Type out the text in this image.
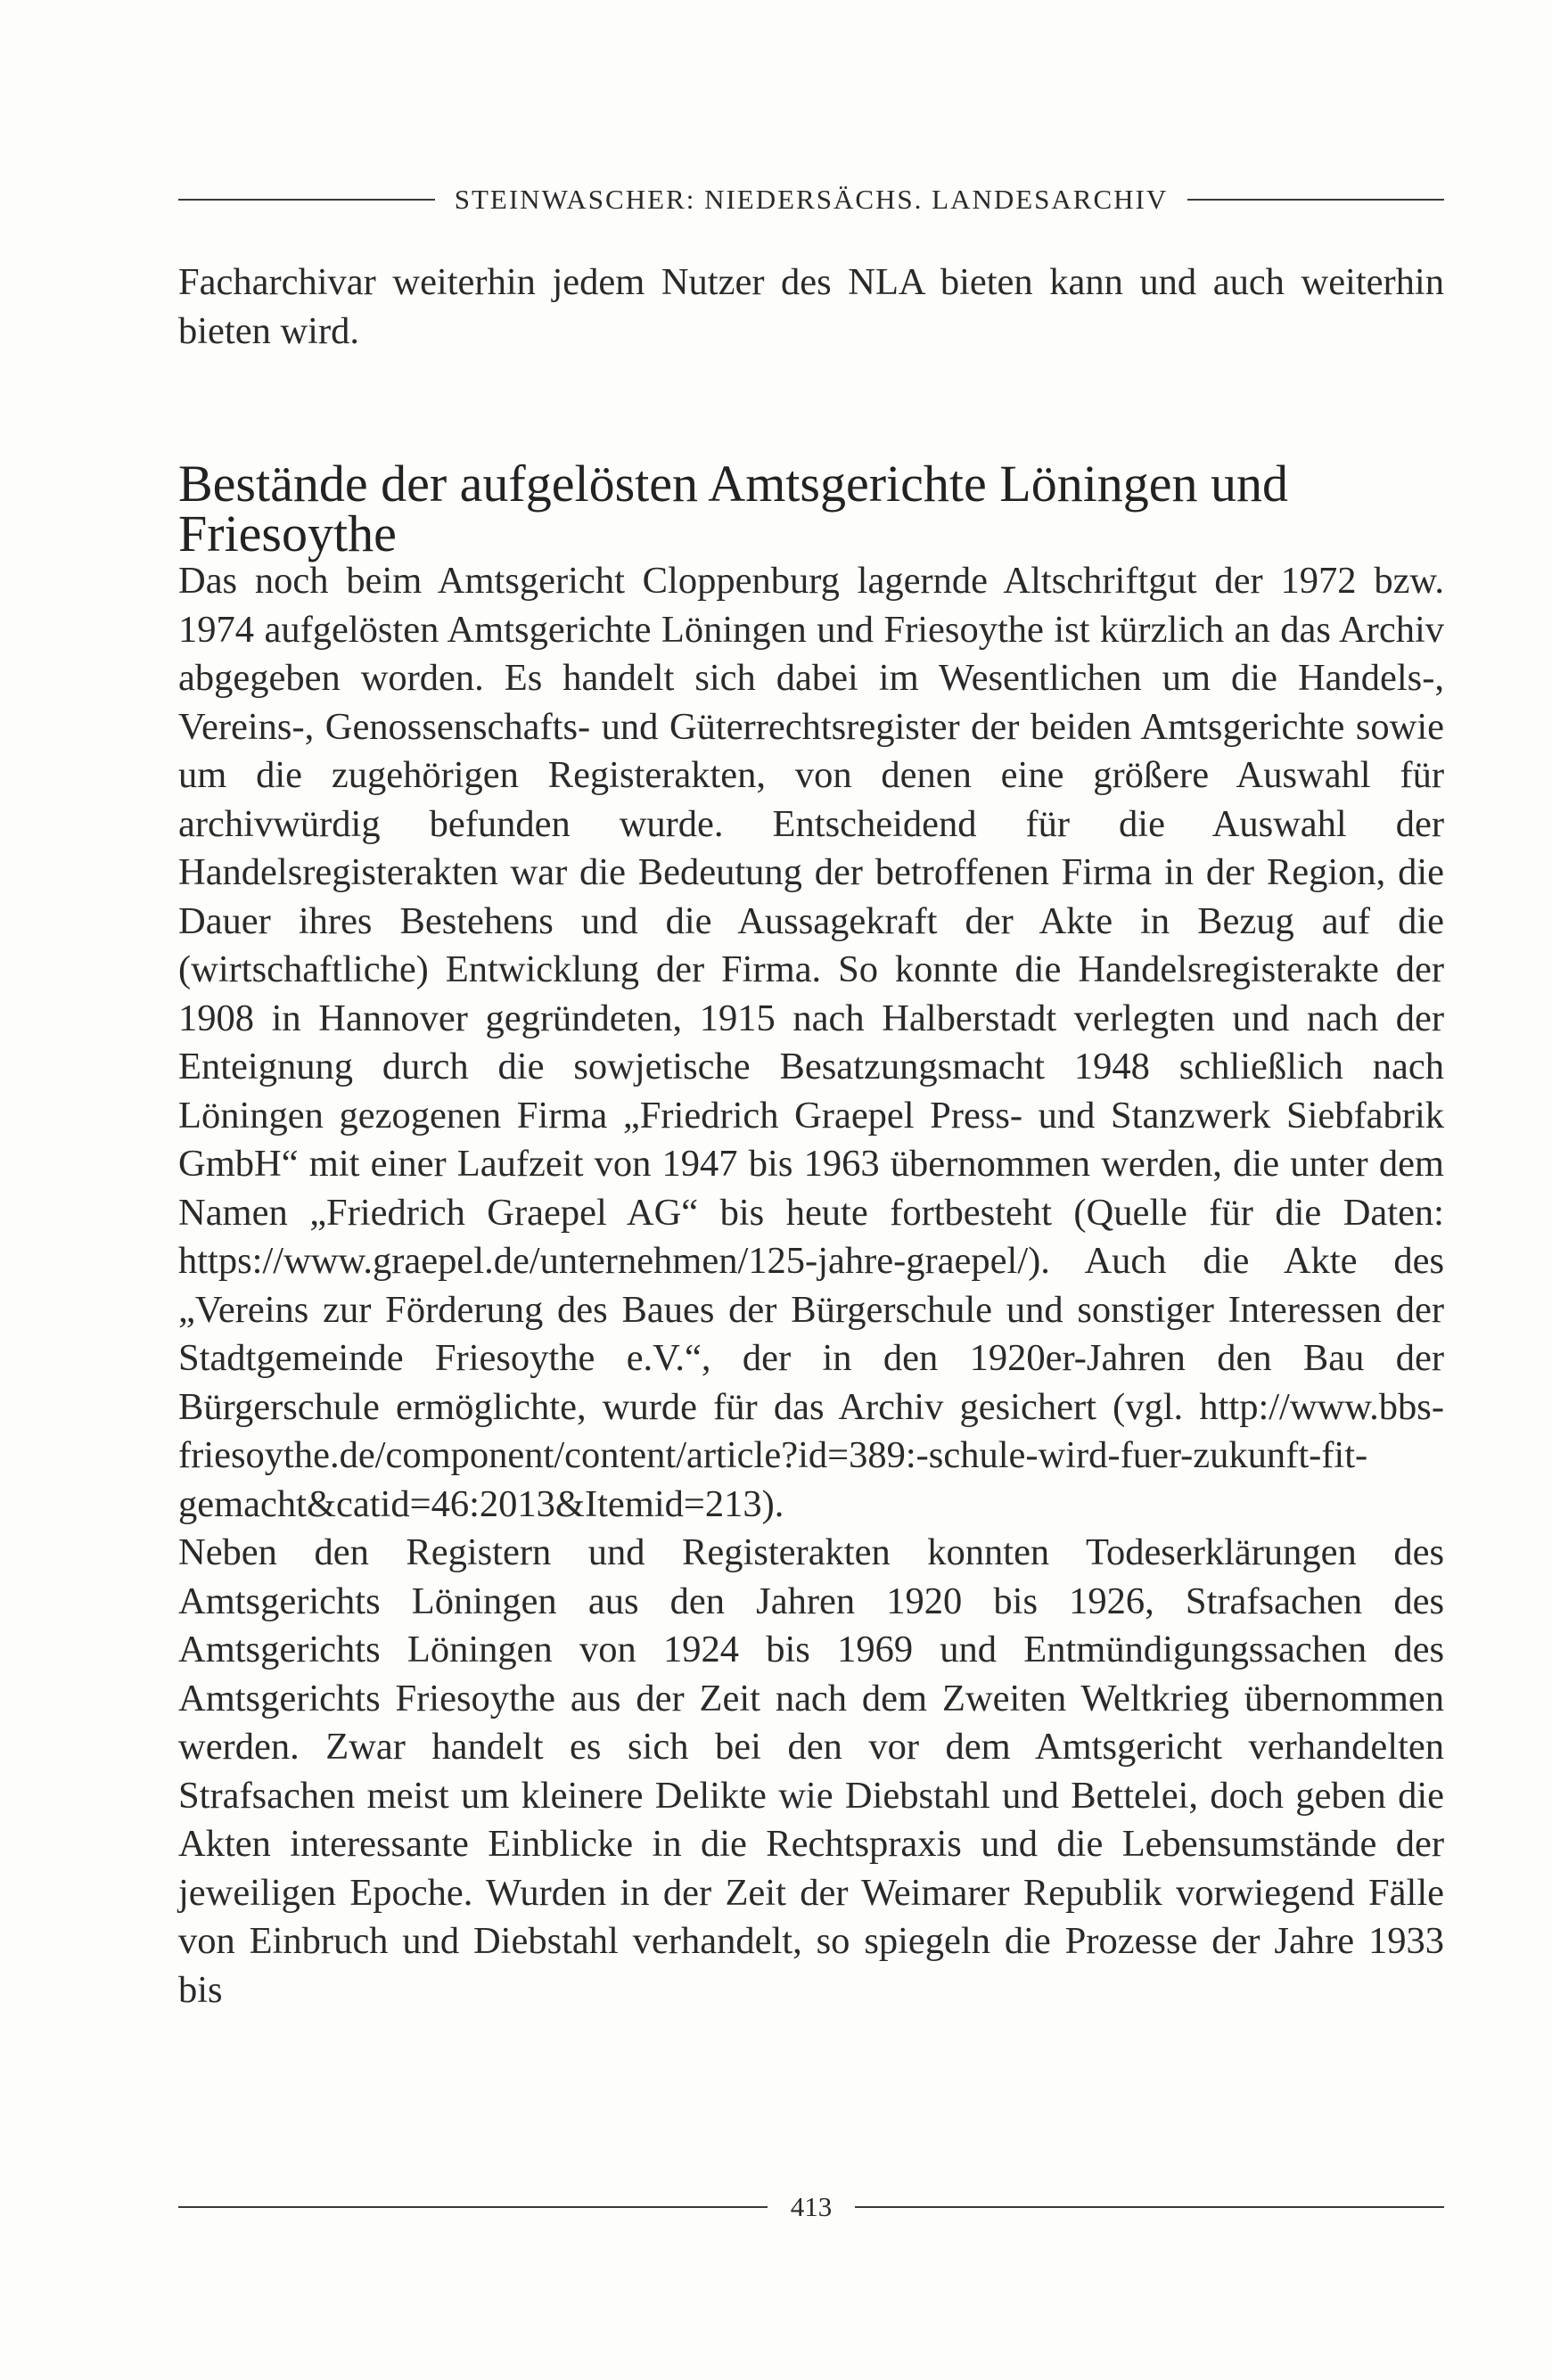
STEINWASCHER: NIEDERSÄCHS. LANDESARCHIV

Facharchivar weiterhin jedem Nutzer des NLA bieten kann und auch weiterhin bieten wird.

Bestände der aufgelösten Amtsgerichte Löningen und Friesoythe

Das noch beim Amtsgericht Cloppenburg lagernde Altschriftgut der 1972 bzw. 1974 aufgelösten Amtsgerichte Löningen und Friesoythe ist kürzlich an das Archiv abgegeben worden. Es handelt sich dabei im Wesentlichen um die Handels-, Vereins-, Genossenschafts- und Güterrechtsregister der beiden Amtsgerichte sowie um die zugehörigen Registerakten, von denen eine größere Auswahl für archivwürdig befunden wurde. Entscheidend für die Auswahl der Handelsregisterakten war die Bedeutung der betroffenen Firma in der Region, die Dauer ihres Bestehens und die Aussagekraft der Akte in Bezug auf die (wirtschaftliche) Entwicklung der Firma. So konnte die Handelsregisterakte der 1908 in Hannover gegründeten, 1915 nach Halberstadt verlegten und nach der Enteignung durch die sowjetische Besatzungsmacht 1948 schließlich nach Löningen gezogenen Firma „Friedrich Graepel Press- und Stanzwerk Siebfabrik GmbH“ mit einer Laufzeit von 1947 bis 1963 übernommen werden, die unter dem Namen „Friedrich Graepel AG“ bis heute fortbesteht (Quelle für die Daten: https://www.graepel.de/unternehmen/125-jahre-graepel/). Auch die Akte des „Vereins zur Förderung des Baues der Bürgerschule und sonstiger Interessen der Stadtgemeinde Friesoythe e.V.“, der in den 1920er-Jahren den Bau der Bürgerschule ermöglichte, wurde für das Archiv gesichert (vgl. http://www.bbs-friesoythe.de/component/content/article?id=389:-schule-wird-fuer-zukunft-fit-gemacht&catid=46:2013&Itemid=213).

Neben den Registern und Registerakten konnten Todeserklärungen des Amtsgerichts Löningen aus den Jahren 1920 bis 1926, Strafsachen des Amtsgerichts Löningen von 1924 bis 1969 und Entmündigungssachen des Amtsgerichts Friesoythe aus der Zeit nach dem Zweiten Weltkrieg übernommen werden. Zwar handelt es sich bei den vor dem Amtsgericht verhandelten Strafsachen meist um kleinere Delikte wie Diebstahl und Bettelei, doch geben die Akten interessante Einblicke in die Rechtspraxis und die Lebensumstände der jeweiligen Epoche. Wurden in der Zeit der Weimarer Republik vorwiegend Fälle von Einbruch und Diebstahl verhandelt, so spiegeln die Prozesse der Jahre 1933 bis

413
